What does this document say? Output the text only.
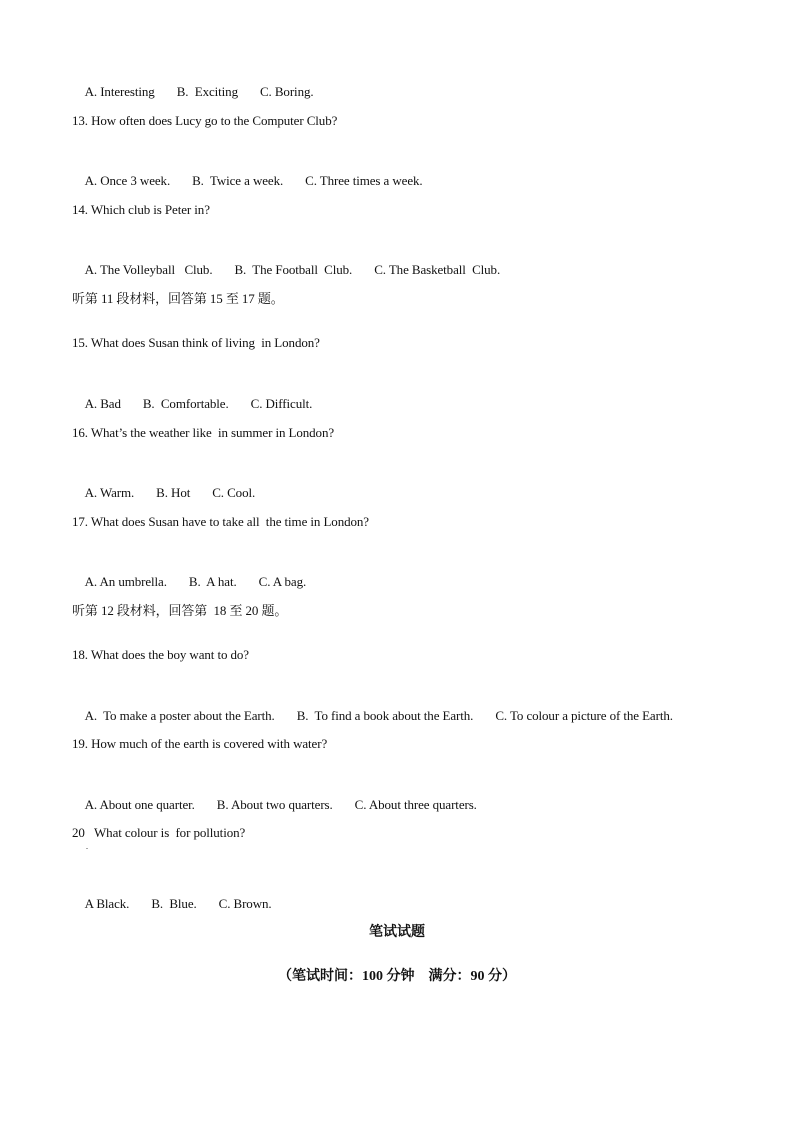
A. Interesting B.  Exciting C. Boring.

13. How often does Lucy go to the Computer Club?

A. Once 3 week. B.  Twice a week. C. Three times a week.

14. Which club is Peter in?

A. The Volleyball   Club. B.  The Football  Club. C. The Basketball  Club.

听第 11 段材料，回答第 15 至 17 题。
15. What does Susan think of living  in London?

A. Bad B.  Comfortable. C. Difficult.

16. What’s the weather like  in summer in London?

A. Warm. B. Hot C. Cool.

17. What does Susan have to take all  the time in London?

A. An umbrella. B.  A hat. C. A bag.

听第 12 段材料，回答第  18 至 20 题。
18. What does the boy want to do?

A.  To make a poster about the Earth. B.  To find a book about the Earth. C. To colour a picture of the Earth.

19. How much of the earth is covered with water?

A. About one quarter. B. About two quarters. C. About three quarters.

20   What colour is  for pollution?
.

A Black. B.  Blue. C. Brown.

笔试试题
（笔试时间：100 分钟    满分：90 分）
